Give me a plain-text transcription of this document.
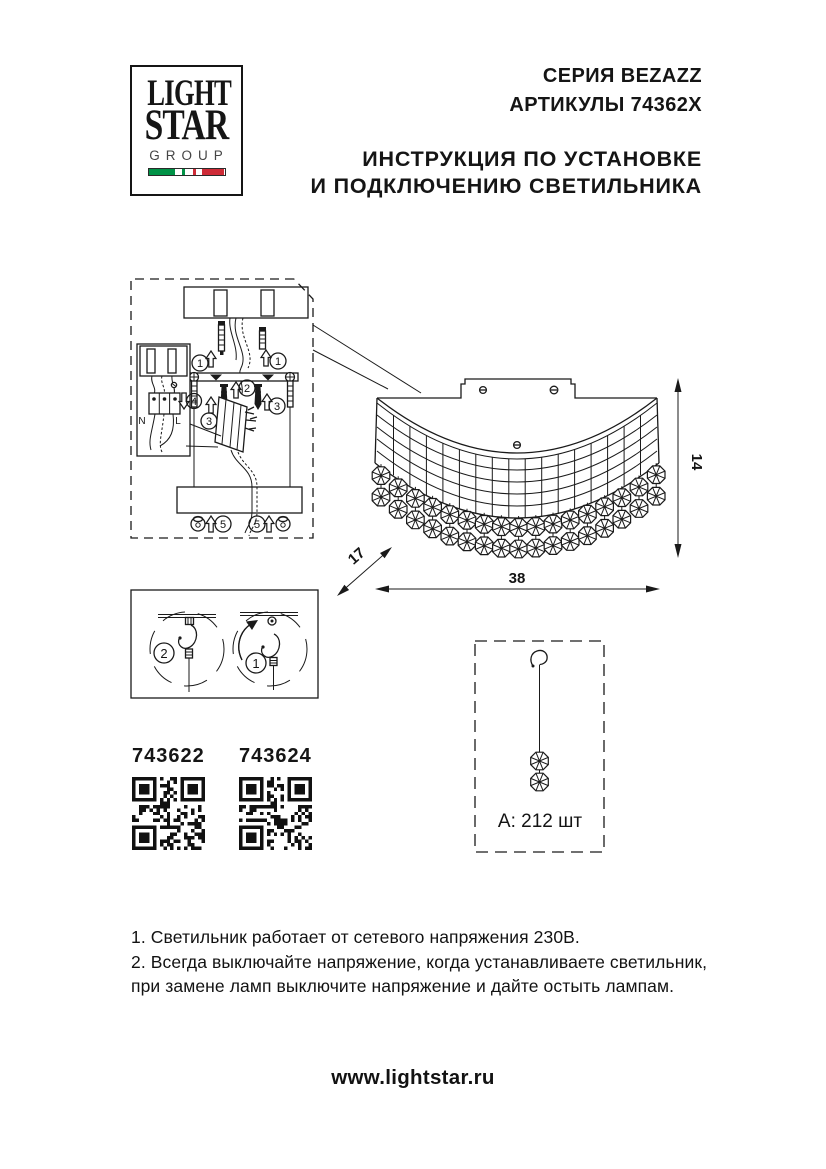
LIGHT
STAR
GROUP
СЕРИЯ BEZAZZ
АРТИКУЛЫ 74362X
ИНСТРУКЦИЯ ПО УСТАНОВКЕ
И ПОДКЛЮЧЕНИЮ СВЕТИЛЬНИКА
1	1
2
3
3
N	L
4
5	5
14
38
17
2
1
А: 212 шт
743622 743624
1. Светильник работает от сетевого напряжения 230В.
2. Всегда выключайте напряжение, когда устанавливаете светильник,
при замене ламп выключите напряжение и дайте остыть лампам.
www.lightstar.ru
